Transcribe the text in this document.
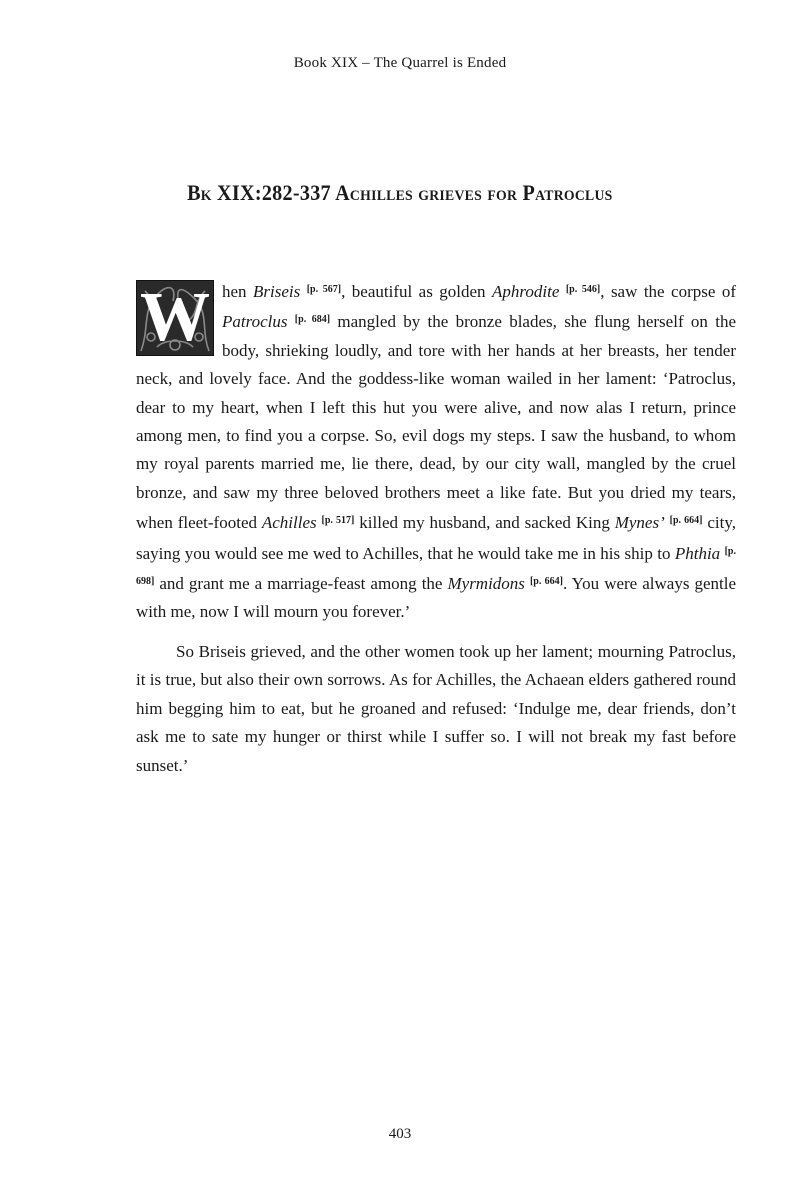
Book XIX – The Quarrel is Ended
Bk XIX:282-337 Achilles grieves for Patroclus

W hen Briseis [p. 567], beautiful as golden Aphrodite [p. 546], saw the corpse of Patroclus [p. 684] mangled by the bronze blades, she flung herself on the body, shrieking loudly, and tore with her hands at her breasts, her tender neck, and lovely face. And the goddess-like woman wailed in her lament: ‘Patroclus, dear to my heart, when I left this hut you were alive, and now alas I return, prince among men, to find you a corpse. So, evil dogs my steps. I saw the husband, to whom my royal parents married me, lie there, dead, by our city wall, mangled by the cruel bronze, and saw my three beloved brothers meet a like fate. But you dried my tears, when fleet-footed Achilles [p. 517] killed my husband, and sacked King Mynes’ [p. 664] city, saying you would see me wed to Achilles, that he would take me in his ship to Phthia [p. 698] and grant me a marriage-feast among the Myrmidons [p. 664]. You were always gentle with me, now I will mourn you forever.’

So Briseis grieved, and the other women took up her lament; mourning Patroclus, it is true, but also their own sorrows. As for Achilles, the Achaean elders gathered round him begging him to eat, but he groaned and refused: ‘Indulge me, dear friends, don’t ask me to sate my hunger or thirst while I suffer so. I will not break my fast before sunset.’

403
